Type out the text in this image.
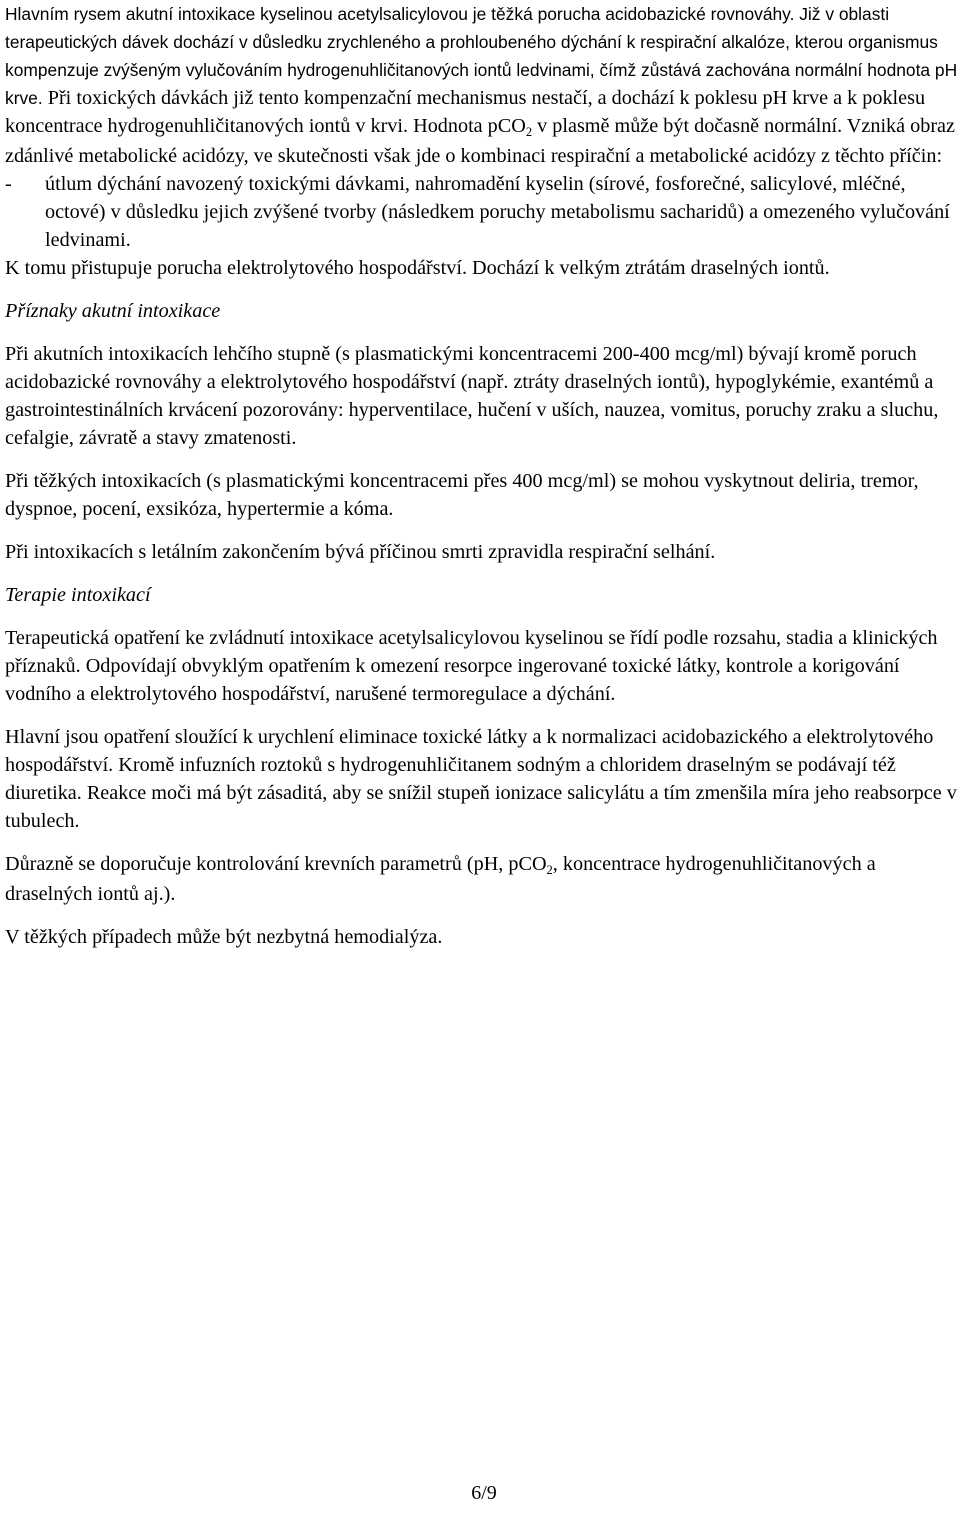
Hlavním rysem akutní intoxikace kyselinou acetylsalicylovou je těžká porucha acidobazické rovnováhy. Již v oblasti terapeutických dávek dochází v důsledku zrychleného a prohloubeného dýchání k respirační alkalóze, kterou organismus kompenzuje zvýšeným vylučováním hydrogenuhličitanových iontů ledvinami, čímž zůstává zachována normální hodnota pH krve. Při toxických dávkách již tento kompenzační mechanismus nestačí, a dochází k poklesu pH krve a k poklesu koncentrace hydrogenuhličitanových iontů v krvi. Hodnota pCO$_2$ v plasmě může být dočasně normální. Vzniká obraz zdánlivé metabolické acidózy, ve skutečnosti však jde o kombinaci respirační a metabolické acidózy z těchto příčin:

-	útlum dýchání navozený toxickými dávkami, nahromadění kyselin (sírové, fosforečné, salicylové, mléčné, octové) v důsledku jejich zvýšené tvorby (následkem poruchy metabolismu sacharidů) a omezeného vylučování ledvinami.

K tomu přistupuje porucha elektrolytového hospodářství. Dochází k velkým ztrátám draselných iontů.

Příznaky akutní intoxikace

Při akutních intoxikacích lehčího stupně (s plasmatickými koncentracemi 200-400 mcg/ml) bývají kromě poruch acidobazické rovnováhy a elektrolytového hospodářství (např. ztráty draselných iontů), hypoglykémie, exantémů a gastrointestinálních krvácení pozorovány: hyperventilace, hučení v uších, nauzea, vomitus, poruchy zraku a sluchu, cefalgie, závratě a stavy zmatenosti.

Při těžkých intoxikacích (s plasmatickými koncentracemi přes 400 mcg/ml) se mohou vyskytnout deliria, tremor, dyspnoe, pocení, exsikóza, hypertermie a kóma.

Při intoxikacích s letálním zakončením bývá příčinou smrti zpravidla respirační selhání.

Terapie intoxikací

Terapeutická opatření ke zvládnutí intoxikace acetylsalicylovou kyselinou se řídí podle rozsahu, stadia a klinických příznaků. Odpovídají obvyklým opatřením k omezení resorpce ingerované toxické látky, kontrole a korigování vodního a elektrolytového hospodářství, narušené termoregulace a dýchání.

Hlavní jsou opatření sloužící k urychlení eliminace toxické látky a k normalizaci acidobazického a elektrolytového hospodářství. Kromě infuzních roztoků s hydrogenuhličitanem sodným a chloridem draselným se podávají též diuretika. Reakce moči má být zásaditá, aby se snížil stupeň ionizace salicylátu a tím zmenšila míra jeho reabsorpce v tubulech.

Důrazně se doporučuje kontrolování krevních parametrů (pH, pCO$_2$, koncentrace hydrogenuhličitanových a draselných iontů aj.).

V těžkých případech může být nezbytná hemodialýza.

6/9
